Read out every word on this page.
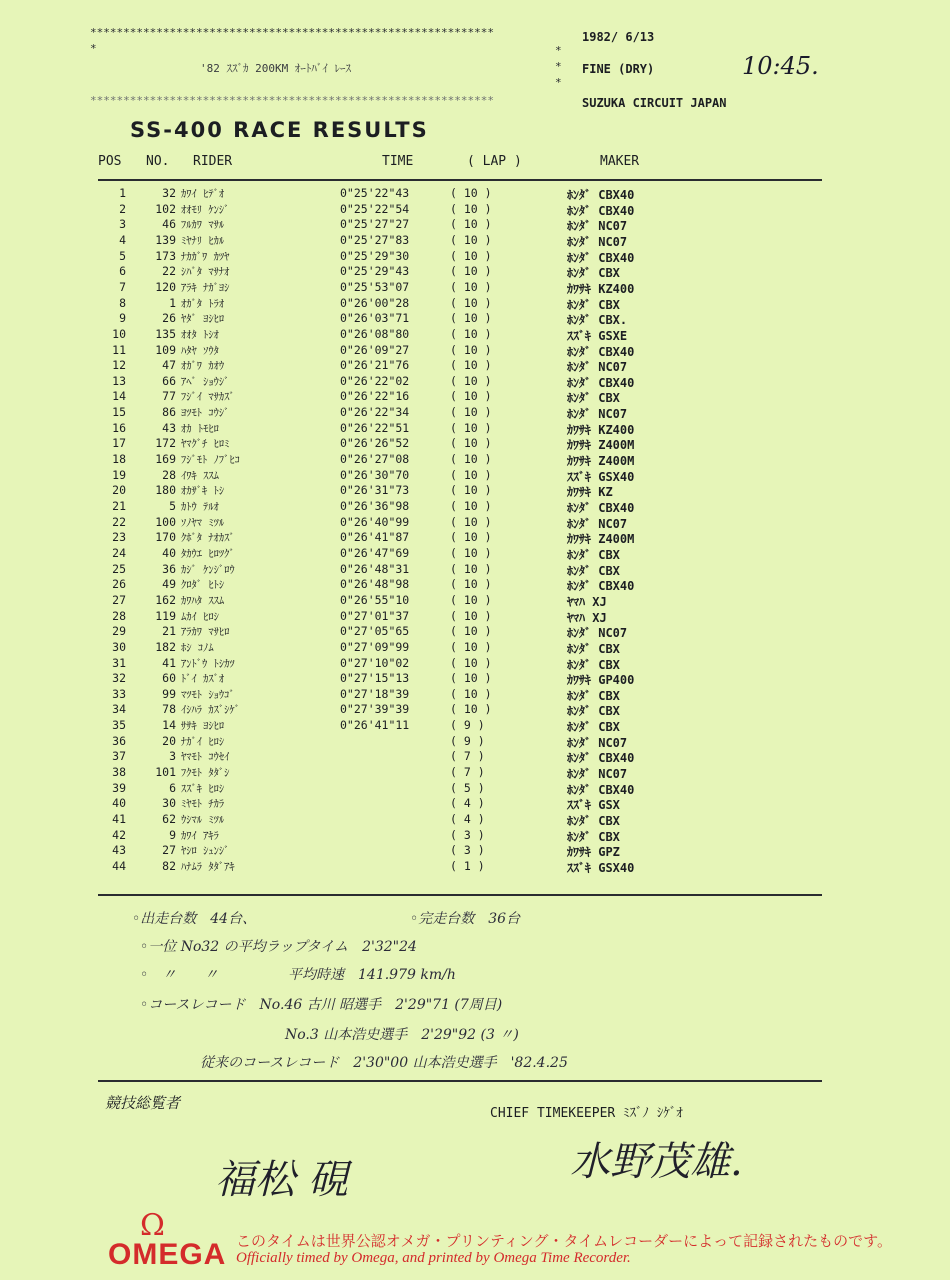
*************************************************************
*	*
*
*
*************************************************************
'82 ｽｽﾞｶ 200KM ｵｰﾄﾊﾞｲ ﾚｰｽ
1982/ 6/13
FINE (DRY)	10:45.
SUZUKA CIRCUIT JAPAN
SS-400 RACE RESULTS
POS NO. RIDER	TIME	( LAP )	MAKER
1	32 ｶﾜｲ ﾋﾃﾞｵ	0"25'22"43	( 10 )	ﾎﾝﾀﾞ CBX40
2	102 ｵｵﾓﾘ ｹﾝｼﾞ	0"25'22"54	( 10 )	ﾎﾝﾀﾞ CBX40
3	46 ﾌﾙｶﾜ ﾏｻﾙ	0"25'27"27	( 10 )	ﾎﾝﾀﾞ NC07
4	139 ﾐﾔﾅﾘ ﾋｶﾙ	0"25'27"83	( 10 )	ﾎﾝﾀﾞ NC07
5	173 ﾅｶｶﾞﾜ ｶﾂﾔ	0"25'29"30	( 10 )	ﾎﾝﾀﾞ CBX40
6	22 ｼﾊﾞﾀ ﾏｻﾅｵ	0"25'29"43	( 10 )	ﾎﾝﾀﾞ CBX
7	120 ｱﾗｷ ﾅｶﾞﾖｼ	0"25'53"07	( 10 )	ｶﾜｻｷ KZ400
8	1 ｵｶﾞﾀ ﾄﾗｵ	0"26'00"28	( 10 )	ﾎﾝﾀﾞ CBX
9	26 ﾔﾀﾞ ﾖｼﾋﾛ	0"26'03"71	( 10 )	ﾎﾝﾀﾞ CBX.
10	135 ｵｵﾀ ﾄｼｵ	0"26'08"80	( 10 )	ｽｽﾞｷ GSXE
11	109 ﾊﾀﾔ ｿｳﾀ	0"26'09"27	( 10 )	ﾎﾝﾀﾞ CBX40
12	47 ｵｶﾞﾜ ｶｵｳ	0"26'21"76	( 10 )	ﾎﾝﾀﾞ NC07
13	66 ｱﾍﾞ ｼｮｳｼﾞ	0"26'22"02	( 10 )	ﾎﾝﾀﾞ CBX40
14	77 ﾌｼﾞｲ ﾏｻｶｽﾞ	0"26'22"16	( 10 )	ﾎﾝﾀﾞ CBX
15	86 ﾖﾂﾓﾄ ｺｳｼﾞ	0"26'22"34	( 10 )	ﾎﾝﾀﾞ NC07
16	43 ｵｶ ﾄﾓﾋﾛ	0"26'22"51	( 10 )	ｶﾜｻｷ KZ400
17	172 ﾔﾏｸﾞﾁ ﾋﾛﾐ	0"26'26"52	( 10 )	ｶﾜｻｷ Z400M
18	169 ﾌｼﾞﾓﾄ ﾉﾌﾞﾋｺ	0"26'27"08	( 10 )	ｶﾜｻｷ Z400M
19	28 ｲﾜｷ ｽｽﾑ	0"26'30"70	( 10 )	ｽｽﾞｷ GSX40
20	180 ｵｶｻﾞｷ ﾄｼ	0"26'31"73	( 10 )	ｶﾜｻｷ KZ
21	5 ｶﾄｳ ﾃﾙｵ	0"26'36"98	( 10 )	ﾎﾝﾀﾞ CBX40
22	100 ｿﾉﾔﾏ ﾐﾂﾙ	0"26'40"99	( 10 )	ﾎﾝﾀﾞ NC07
23	170 ｸﾎﾞﾀ ﾅｵｶｽﾞ	0"26'41"87	( 10 )	ｶﾜｻｷ Z400M
24	40 ﾀｶｳｴ ﾋﾛﾂｸﾞ	0"26'47"69	( 10 )	ﾎﾝﾀﾞ CBX
25	36 ｶｼﾞ ｹﾝｼﾞﾛｳ	0"26'48"31	( 10 )	ﾎﾝﾀﾞ CBX
26	49 ｸﾛﾀﾞ ﾋﾄｼ	0"26'48"98	( 10 )	ﾎﾝﾀﾞ CBX40
27	162 ｶﾜﾊﾀ ｽｽﾑ	0"26'55"10	( 10 )	ﾔﾏﾊ XJ
28	119 ﾑｶｲ ﾋﾛｼ	0"27'01"37	( 10 )	ﾔﾏﾊ XJ
29	21 ｱﾗｶﾜ ﾏｻﾋﾛ	0"27'05"65	( 10 )	ﾎﾝﾀﾞ NC07
30	182 ﾎｼ ｺﾉﾑ	0"27'09"99	( 10 )	ﾎﾝﾀﾞ CBX
31	41 ｱﾝﾄﾞｳ ﾄｼｶﾂ	0"27'10"02	( 10 )	ﾎﾝﾀﾞ CBX
32	60 ﾄﾞｲ ｶｽﾞｵ	0"27'15"13	( 10 )	ｶﾜｻｷ GP400
33	99 ﾏﾂﾓﾄ ｼｮｳｺﾞ	0"27'18"39	( 10 )	ﾎﾝﾀﾞ CBX
34	78 ｲｼﾊﾗ ｶｽﾞｼｹﾞ	0"27'39"39	( 10 )	ﾎﾝﾀﾞ CBX
35	14 ｻｻｷ ﾖｼﾋﾛ	0"26'41"11	( 9 )	ﾎﾝﾀﾞ CBX
36	20 ﾅｶﾞｲ ﾋﾛｼ	( 9 )	ﾎﾝﾀﾞ NC07
37	3 ﾔﾏﾓﾄ ｺｳｾｲ	( 7 )	ﾎﾝﾀﾞ CBX40
38	101 ﾌｸﾓﾄ ﾀﾀﾞｼ	( 7 )	ﾎﾝﾀﾞ NC07
39	6 ｽｽﾞｷ ﾋﾛｼ	( 5 )	ﾎﾝﾀﾞ CBX40
40	30 ﾐﾔﾓﾄ ﾁｶﾗ	( 4 )	ｽｽﾞｷ GSX
41	62 ｳｼﾏﾙ ﾐﾂﾙ	( 4 )	ﾎﾝﾀﾞ CBX
42	9 ｶﾜｲ ｱｷﾗ	( 3 )	ﾎﾝﾀﾞ CBX
43	27 ﾔｼﾛ ｼｭﾝｼﾞ	( 3 )	ｶﾜｻｷ GPZ
44	82 ﾊﾅﾑﾗ ﾀﾀﾞｱｷ	( 1 )	ｽｽﾞｷ GSX40
◦出走台数　44台、	◦完走台数　36台
◦一位 No32 の平均ラップタイム　2'32"24
◦　〃　　〃	平均時速　141.979 km/h
◦コースレコード　No.46 古川 昭選手　2'29"71 (7周目)
No.3 山本浩史選手　2'29"92 (3 〃)
従来のコースレコード　2'30"00 山本浩史選手　'82.4.25
競技総覧者
福松 硯
CHIEF TIMEKEEPER ﾐｽﾞﾉ ｼｹﾞｵ
水野茂雄.
Ω
OMEGA このタイムは世界公認オメガ・プリンティング・タイムレコーダーによって記録されたものです。
Officially timed by Omega, and printed by Omega Time Recorder.
